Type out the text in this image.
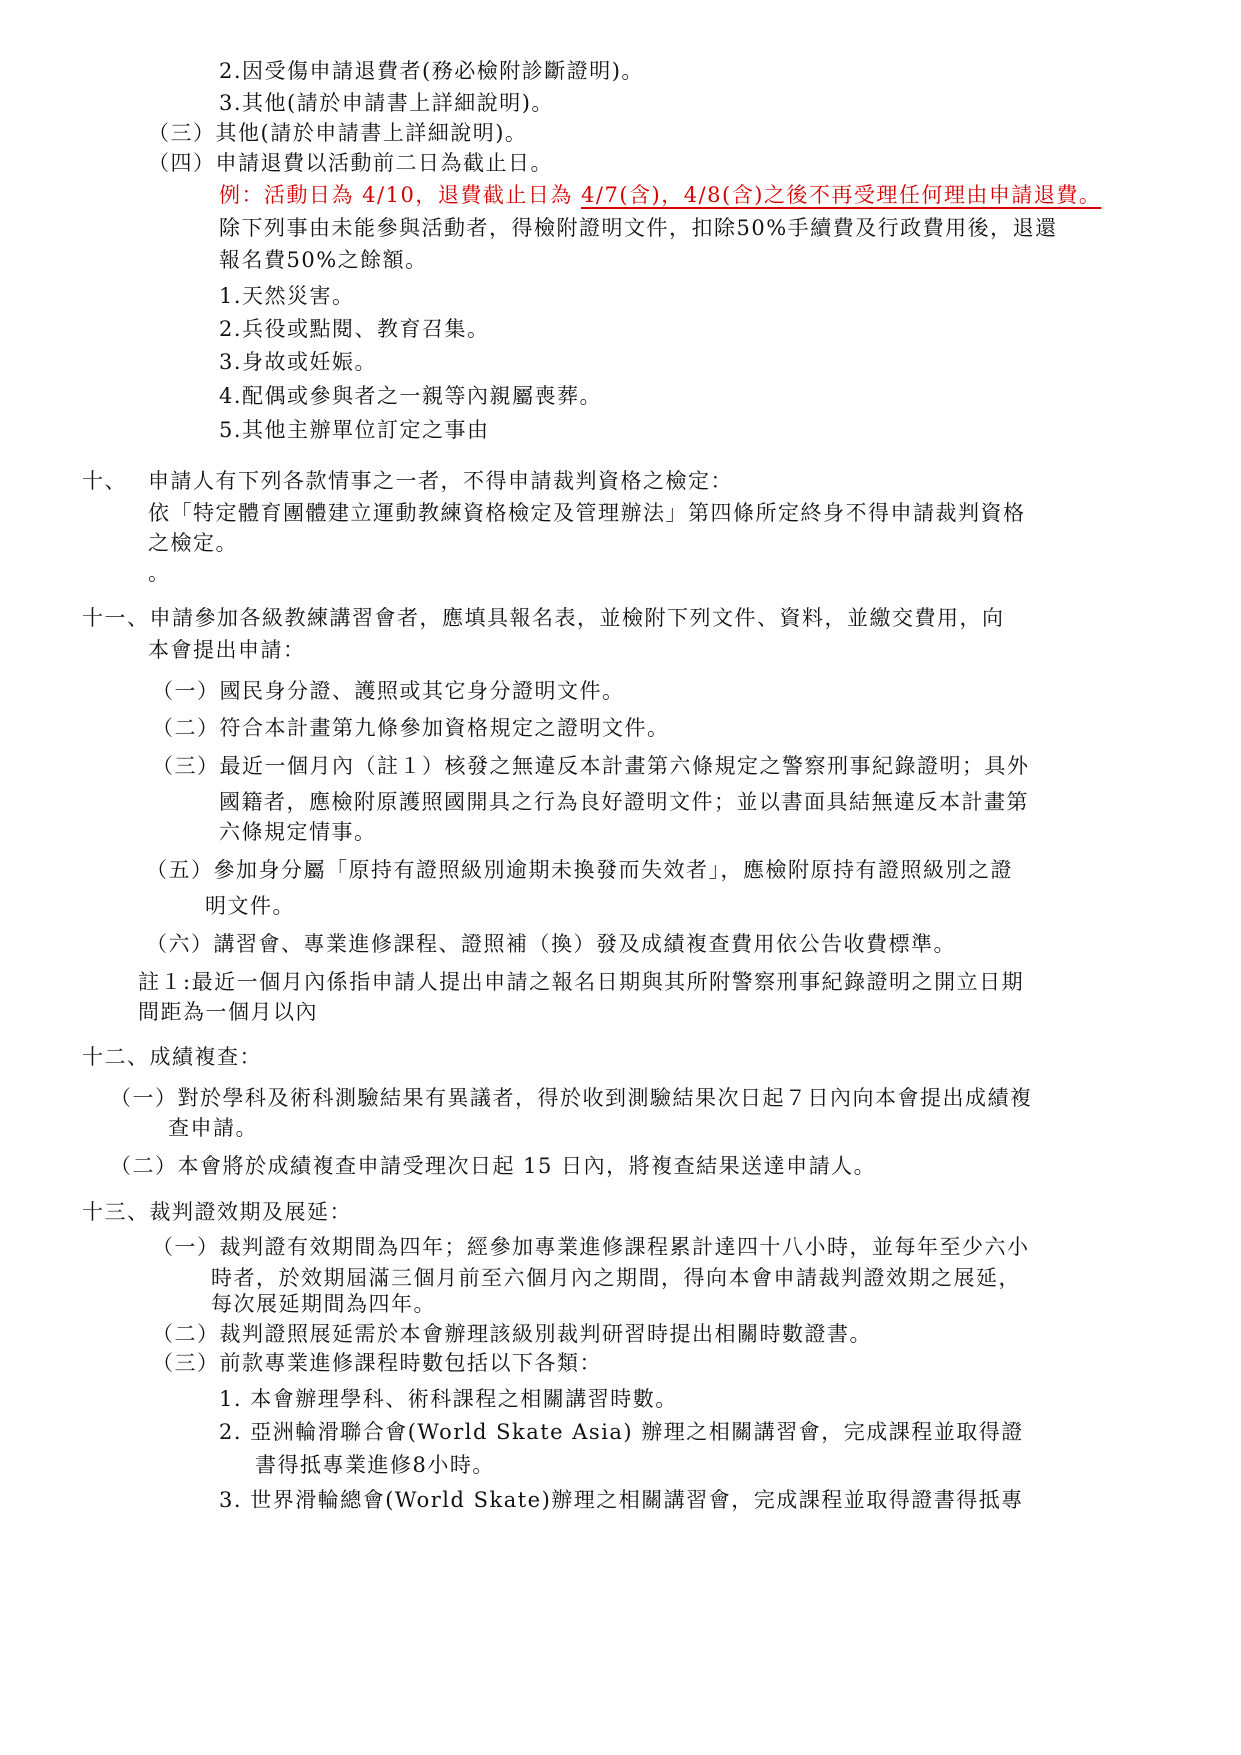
2.因受傷申請退費者(務必檢附診斷證明)。
3.其他(請於申請書上詳細說明)。
（三）其他(請於申請書上詳細說明)。
（四）申請退費以活動前二日為截止日。
例：活動日為 4/10，退費截止日為 4/7(含)，4/8(含)之後不再受理任何理由申請退費。
除下列事由未能參與活動者，得檢附證明文件，扣除50%手續費及行政費用後，退還
報名費50%之餘額。
1.天然災害。
2.兵役或點閱、教育召集。
3.身故或妊娠。
4.配偶或參與者之一親等內親屬喪葬。
5.其他主辦單位訂定之事由
十、 申請人有下列各款情事之一者，不得申請裁判資格之檢定：
依「特定體育團體建立運動教練資格檢定及管理辦法」第四條所定終身不得申請裁判資格
之檢定。
。
十一、申請參加各級教練講習會者，應填具報名表，並檢附下列文件、資料，並繳交費用，向
本會提出申請：
（一）國民身分證、護照或其它身分證明文件。
（二）符合本計畫第九條參加資格規定之證明文件。
（三）最近一個月內（註１）核發之無違反本計畫第六條規定之警察刑事紀錄證明；具外
國籍者，應檢附原護照國開具之行為良好證明文件；並以書面具結無違反本計畫第
六條規定情事。
（五）參加身分屬「原持有證照級別逾期未換發而失效者」，應檢附原持有證照級別之證
明文件。
（六）講習會、專業進修課程、證照補（換）發及成績複查費用依公告收費標準。
註１:最近一個月內係指申請人提出申請之報名日期與其所附警察刑事紀錄證明之開立日期
間距為一個月以內
十二、成績複查：
（一）對於學科及術科測驗結果有異議者，得於收到測驗結果次日起７日內向本會提出成績複
查申請。
（二）本會將於成績複查申請受理次日起 15 日內，將複查結果送達申請人。
十三、裁判證效期及展延：
（一）裁判證有效期間為四年；經參加專業進修課程累計達四十八小時，並每年至少六小
時者，於效期屆滿三個月前至六個月內之期間，得向本會申請裁判證效期之展延，
每次展延期間為四年。
（二）裁判證照展延需於本會辦理該級別裁判研習時提出相關時數證書。
（三）前款專業進修課程時數包括以下各類：
1. 本會辦理學科、術科課程之相關講習時數。
2. 亞洲輪滑聯合會(World Skate Asia) 辦理之相關講習會，完成課程並取得證
書得抵專業進修8小時。
3. 世界滑輪總會(World Skate)辦理之相關講習會，完成課程並取得證書得抵專
